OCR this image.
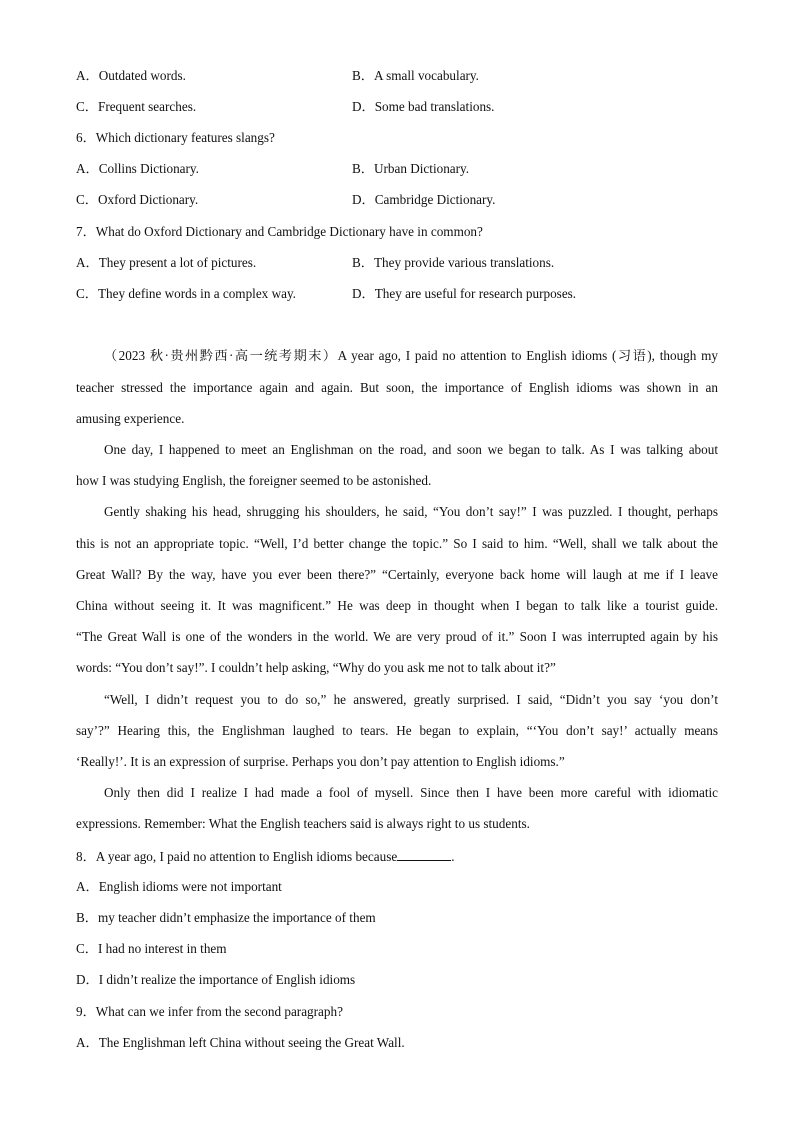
A．Outdated words.	B．A small vocabulary.
C．Frequent searches.	D．Some bad translations.
6．Which dictionary features slangs?
A．Collins Dictionary.	B．Urban Dictionary.
C．Oxford Dictionary.	D．Cambridge Dictionary.
7．What do Oxford Dictionary and Cambridge Dictionary have in common?
A．They present a lot of pictures.	B．They provide various translations.
C．They define words in a complex way.	D．They are useful for research purposes.
（2023 秋·贵州黔西·高一统考期末）A year ago, I paid no attention to English idioms (习语), though my
teacher stressed the importance again and again. But soon, the importance of English idioms was shown in an
amusing experience.
One day, I happened to meet an Englishman on the road, and soon we began to talk. As I was talking about
how I was studying English, the foreigner seemed to be astonished.
Gently shaking his head, shrugging his shoulders, he said, “You don’t say!” I was puzzled. I thought, perhaps
this is not an appropriate topic. “Well, I’d better change the topic.” So I said to him. “Well, shall we talk about the
Great Wall? By the way, have you ever been there?” “Certainly, everyone back home will laugh at me if I leave
China without seeing it. It was magnificent.” He was deep in thought when I began to talk like a tourist guide.
“The Great Wall is one of the wonders in the world. We are very proud of it.” Soon I was interrupted again by his
words: “You don’t say!”. I couldn’t help asking, “Why do you ask me not to talk about it?”
“Well, I didn’t request you to do so,” he answered, greatly surprised. I said, “Didn’t you say ‘you don’t
say’?” Hearing this, the Englishman laughed to tears. He began to explain, “‘You don’t say!’ actually means
‘Really!’. It is an expression of surprise. Perhaps you don’t pay attention to English idioms.”
Only then did I realize I had made a fool of mysell. Since then I have been more careful with idiomatic
expressions. Remember: What the English teachers said is always right to us students.
8．A year ago, I paid no attention to English idioms because	.
A．English idioms were not important
B．my teacher didn’t emphasize the importance of them
C．I had no interest in them
D．I didn’t realize the importance of English idioms
9．What can we infer from the second paragraph?
A．The Englishman left China without seeing the Great Wall.
